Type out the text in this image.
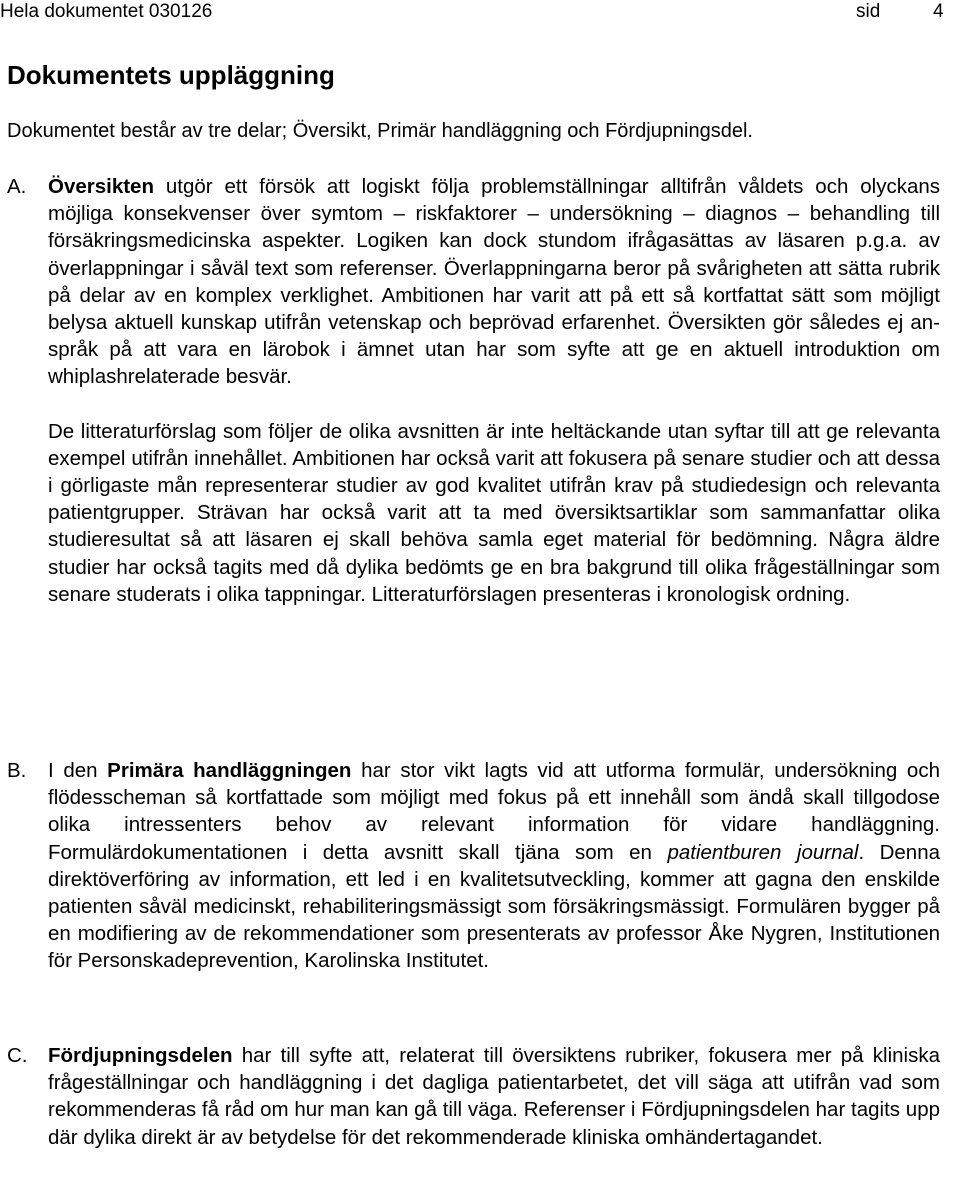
Hela dokumentet 030126	sid	4
Dokumentets uppläggning

Dokumentet består av tre delar; Översikt, Primär handläggning och Fördjupningsdel.

A. Översikten utgör ett försök att logiskt följa problemställningar alltifrån våldets och olyckans möjliga konsekvenser över symtom – riskfaktorer – undersökning – diagnos – behandling till försäkringsmedicinska aspekter. Logiken kan dock stundom ifrågasättas av läsaren p.g.a. av överlappningar i såväl text som referenser. Överlappningarna beror på svårigheten att sätta rubrik på delar av en komplex verklighet. Ambitionen har varit att på ett så kortfattat sätt som möjligt belysa aktuell kunskap utifrån vetenskap och beprövad erfarenhet. Översikten gör således ej anspråk på att vara en lärobok i ämnet utan har som syfte att ge en aktuell introduktion om whiplashrelaterade besvär.

De litteraturförslag som följer de olika avsnitten är inte heltäckande utan syftar till att ge relevanta exempel utifrån innehållet. Ambitionen har också varit att fokusera på senare studier och att dessa i görligaste mån representerar studier av god kvalitet utifrån krav på studiedesign och relevanta patientgrupper. Strävan har också varit att ta med översiktsartiklar som sammanfattar olika studieresultat så att läsaren ej skall behöva samla eget material för bedömning. Några äldre studier har också tagits med då dylika bedömts ge en bra bakgrund till olika frågeställningar som senare studerats i olika tappningar. Litteraturförslagen presenteras i kronologisk ordning.

B. I den Primära handläggningen har stor vikt lagts vid att utforma formulär, undersökning och flödesscheman så kortfattade som möjligt med fokus på ett innehåll som ändå skall tillgodose olika intressenters behov av relevant information för vidare handläggning. Formulärdokumentationen i detta avsnitt skall tjäna som en patientburen journal. Denna direktöverföring av information, ett led i en kvalitetsutveckling, kommer att gagna den enskilde patienten såväl medicinskt, rehabiliteringsmässigt som försäkringsmässigt. Formulären bygger på en modifiering av de rekommendationer som presenterats av professor Åke Nygren, Institutionen för Personskadeprevention, Karolinska Institutet.

C. Fördjupningsdelen har till syfte att, relaterat till översiktens rubriker, fokusera mer på kliniska frågeställningar och handläggning i det dagliga patientarbetet, det vill säga att utifrån vad som rekommenderas få råd om hur man kan gå till väga. Referenser i Fördjupningsdelen har tagits upp där dylika direkt är av betydelse för det rekommenderade kliniska omhändertagandet.
